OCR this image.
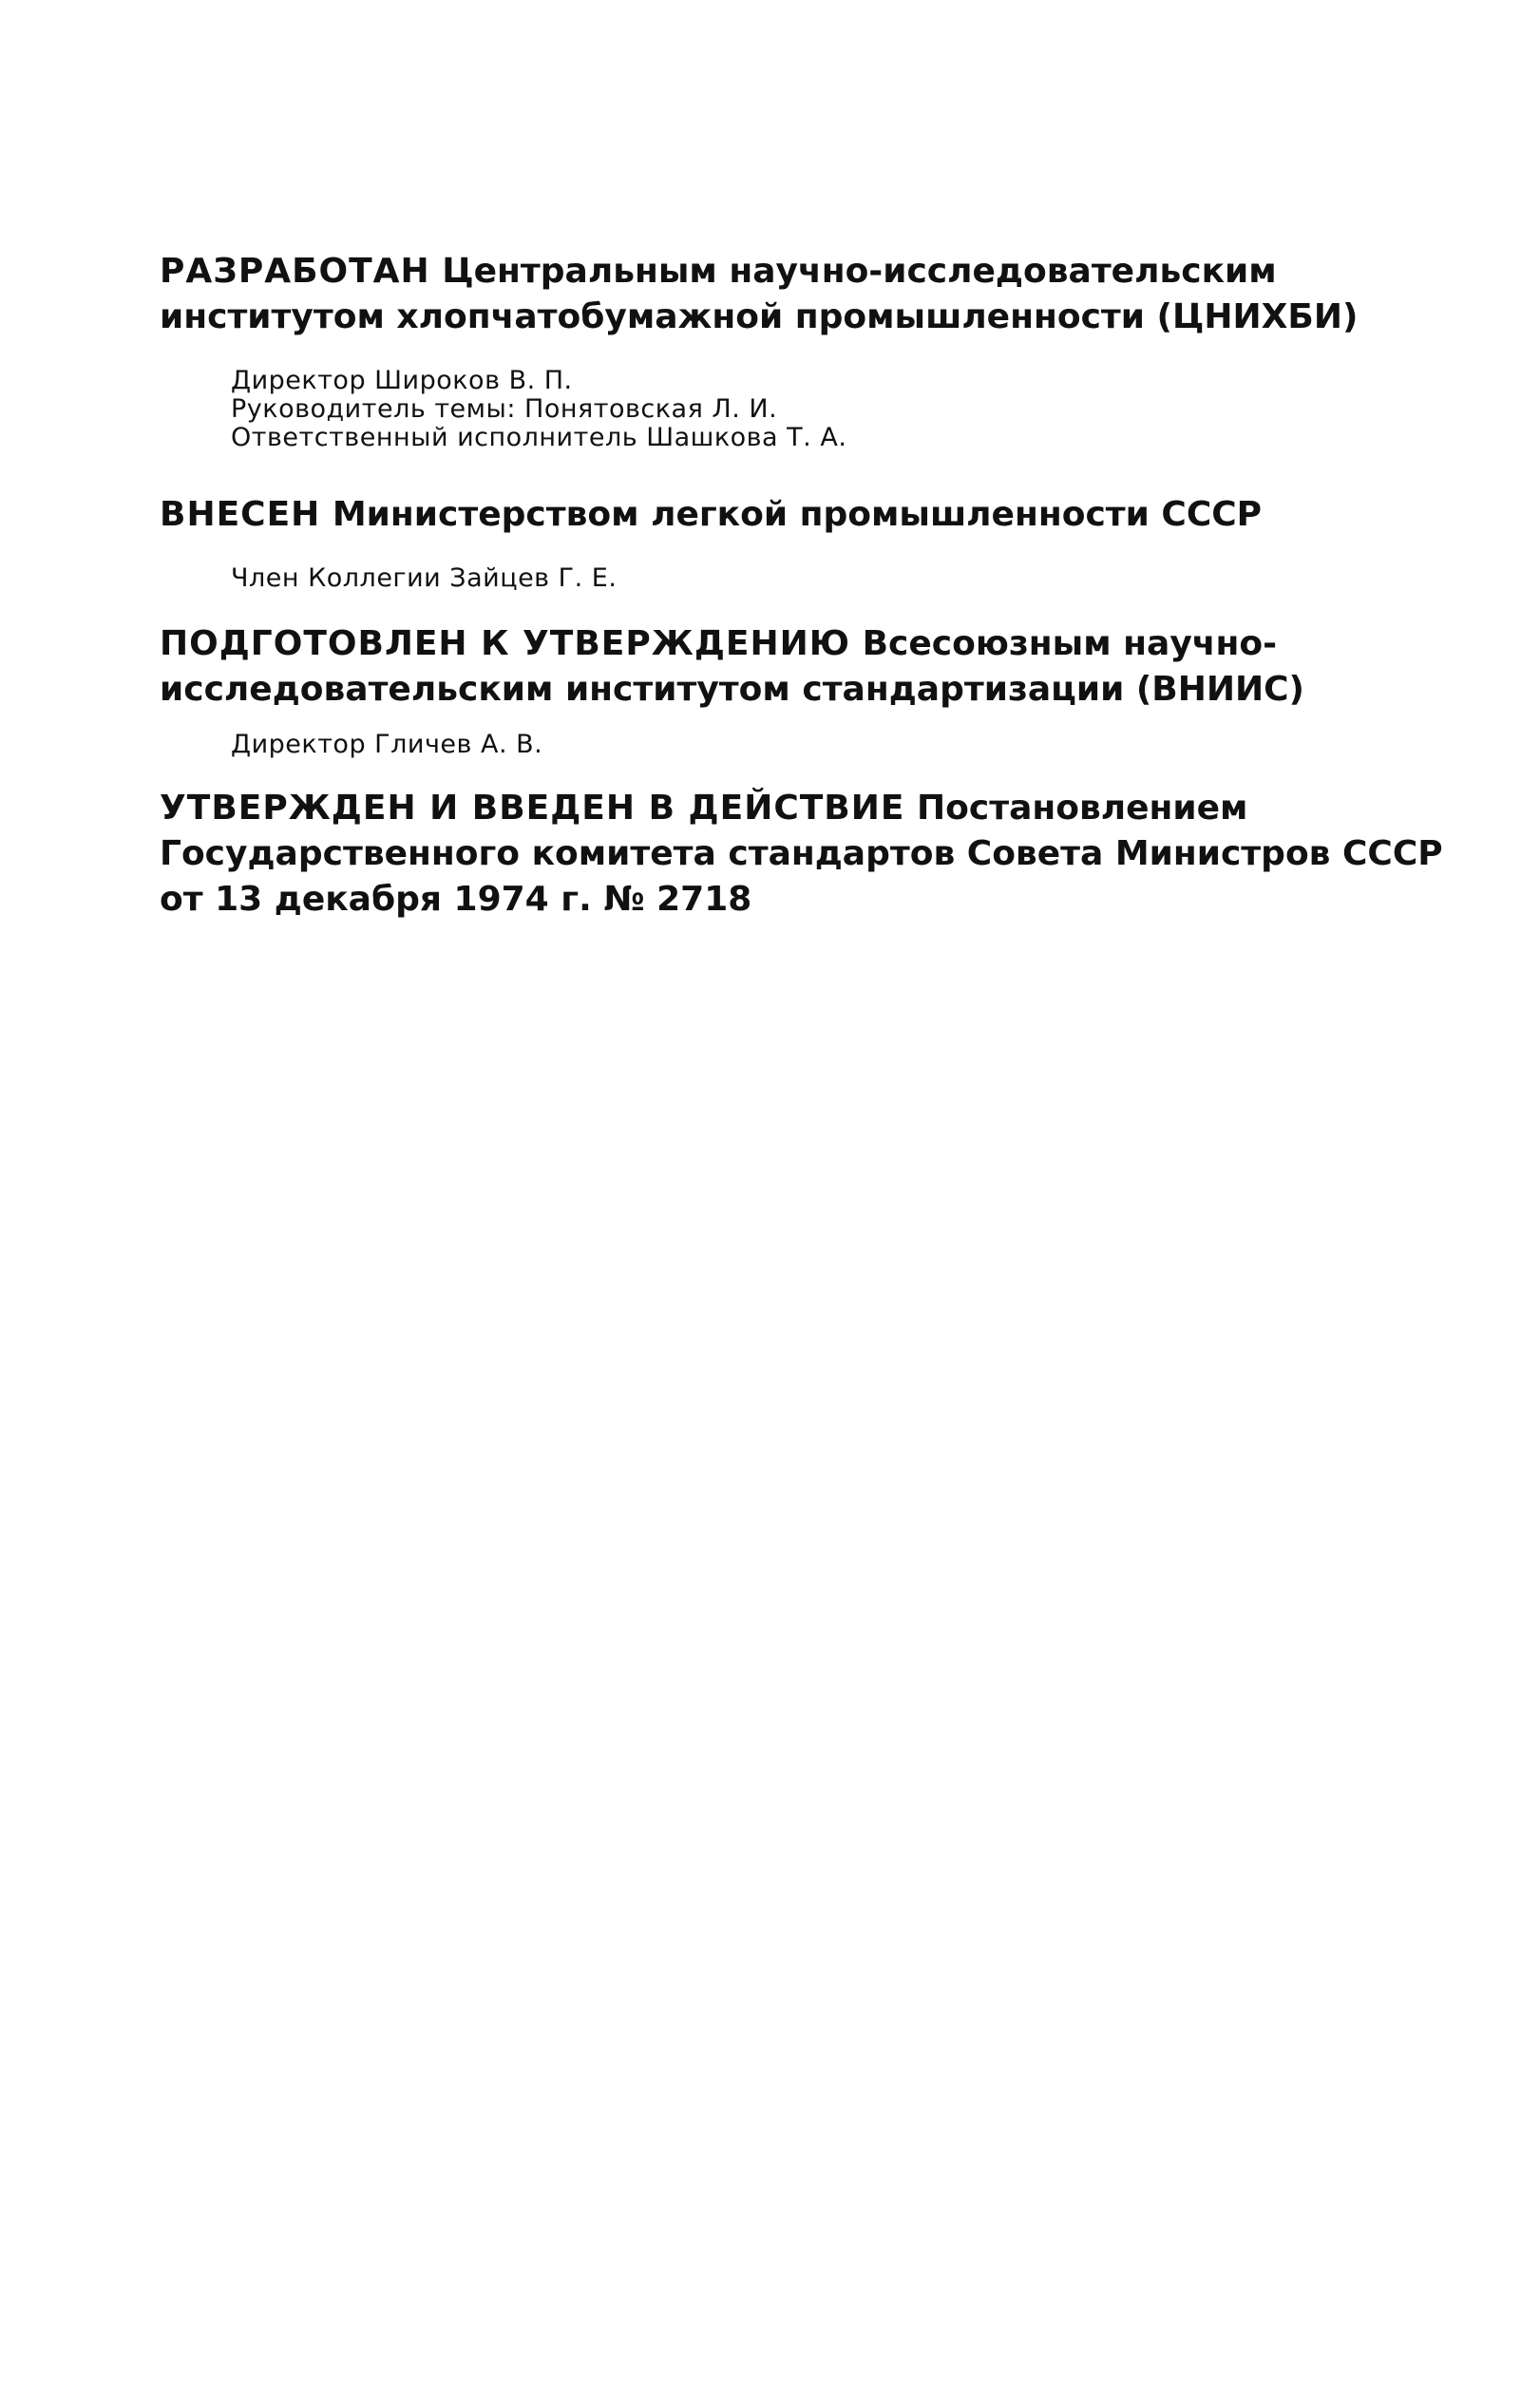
РАЗРАБОТАН Центральным научно-исследовательским институтом хлопчатобумажной промышленности (ЦНИХБИ)

Директор Широков В. П.

Руководитель темы: Понятовская Л. И.

Ответственный исполнитель Шашкова Т. А.

ВНЕСЕН Министерством легкой промышленности СССР

Член Коллегии Зайцев Г. Е.

ПОДГОТОВЛЕН К УТВЕРЖДЕНИЮ Всесоюзным научно-исследовательским институтом стандартизации (ВНИИС)

Директор Гличев А. В.

УТВЕРЖДЕН И ВВЕДЕН В ДЕЙСТВИЕ Постановлением Государственного комитета стандартов Совета Министров СССР от 13 декабря 1974 г. № 2718
